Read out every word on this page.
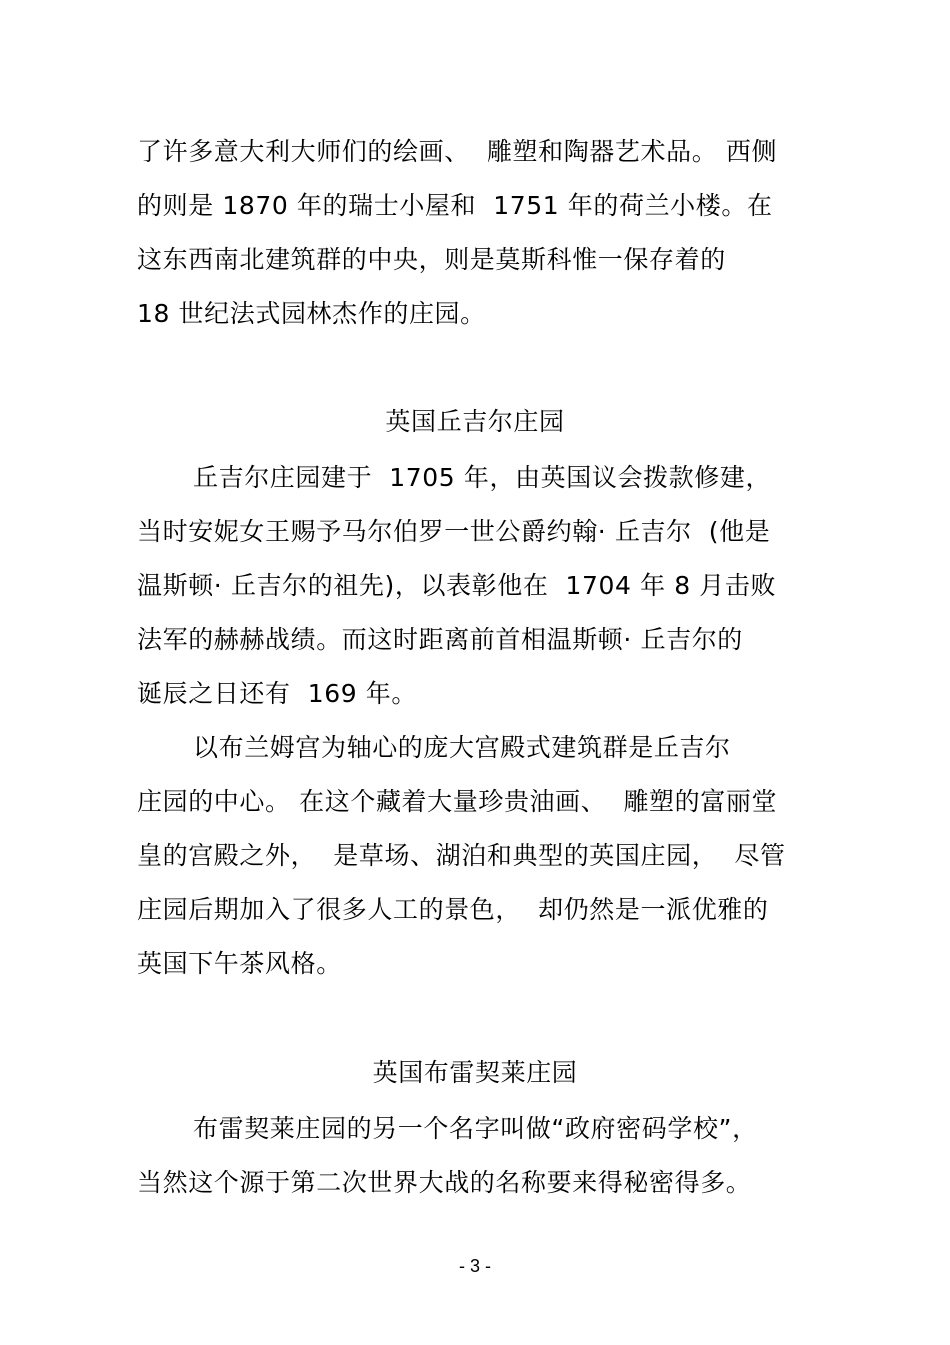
了许多意大利大师们的绘画、  雕塑和陶器艺术品。 西侧
的则是 1870 年的瑞士小屋和  1751 年的荷兰小楼。在
这东西南北建筑群的中央，则是莫斯科惟一保存着的
18 世纪法式园林杰作的庄园。
英国丘吉尔庄园
丘吉尔庄园建于  1705 年，由英国议会拨款修建，
当时安妮女王赐予马尔伯罗一世公爵约翰· 丘吉尔  (他是
温斯顿· 丘吉尔的祖先)，以表彰他在  1704 年 8 月击败
法军的赫赫战绩。而这时距离前首相温斯顿· 丘吉尔的
诞辰之日还有  169 年。
以布兰姆宫为轴心的庞大宫殿式建筑群是丘吉尔
庄园的中心。 在这个藏着大量珍贵油画、  雕塑的富丽堂
皇的宫殿之外，  是草场、湖泊和典型的英国庄园，  尽管
庄园后期加入了很多人工的景色，  却仍然是一派优雅的
英国下午茶风格。
英国布雷契莱庄园
布雷契莱庄园的另一个名字叫做“政府密码学校”，
当然这个源于第二次世界大战的名称要来得秘密得多。
- 3 -
